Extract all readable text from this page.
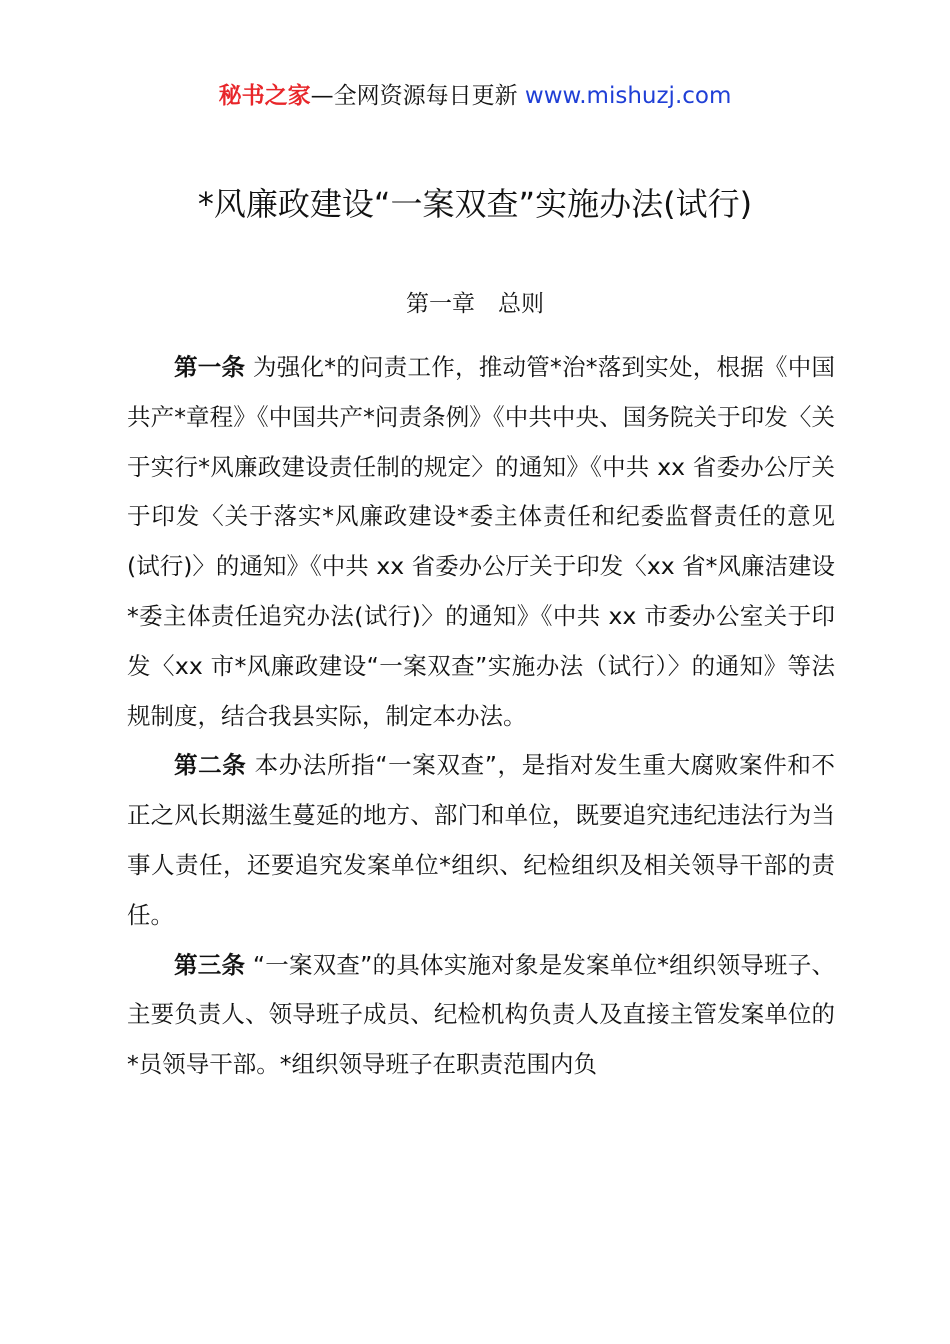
秘书之家—全网资源每日更新 www.mishuzj.com
*风廉政建设“一案双查”实施办法(试行)
第一章　总则

第一条 为强化*的问责工作，推动管*治*落到实处，根据《中国共产*章程》《中国共产*问责条例》《中共中央、国务院关于印发〈关于实行*风廉政建设责任制的规定〉的通知》《中共 xx 省委办公厅关于印发〈关于落实*风廉政建设*委主体责任和纪委监督责任的意见(试行)〉的通知》《中共 xx 省委办公厅关于印发〈xx 省*风廉洁建设*委主体责任追究办法(试行)〉的通知》《中共 xx 市委办公室关于印发〈xx 市*风廉政建设“一案双查”实施办法（试行）〉的通知》等法规制度，结合我县实际，制定本办法。

第二条 本办法所指“一案双查”，是指对发生重大腐败案件和不正之风长期滋生蔓延的地方、部门和单位，既要追究违纪违法行为当事人责任，还要追究发案单位*组织、纪检组织及相关领导干部的责任。

第三条 “一案双查”的具体实施对象是发案单位*组织领导班子、主要负责人、领导班子成员、纪检机构负责人及直接主管发案单位的*员领导干部。*组织领导班子在职责范围内负
